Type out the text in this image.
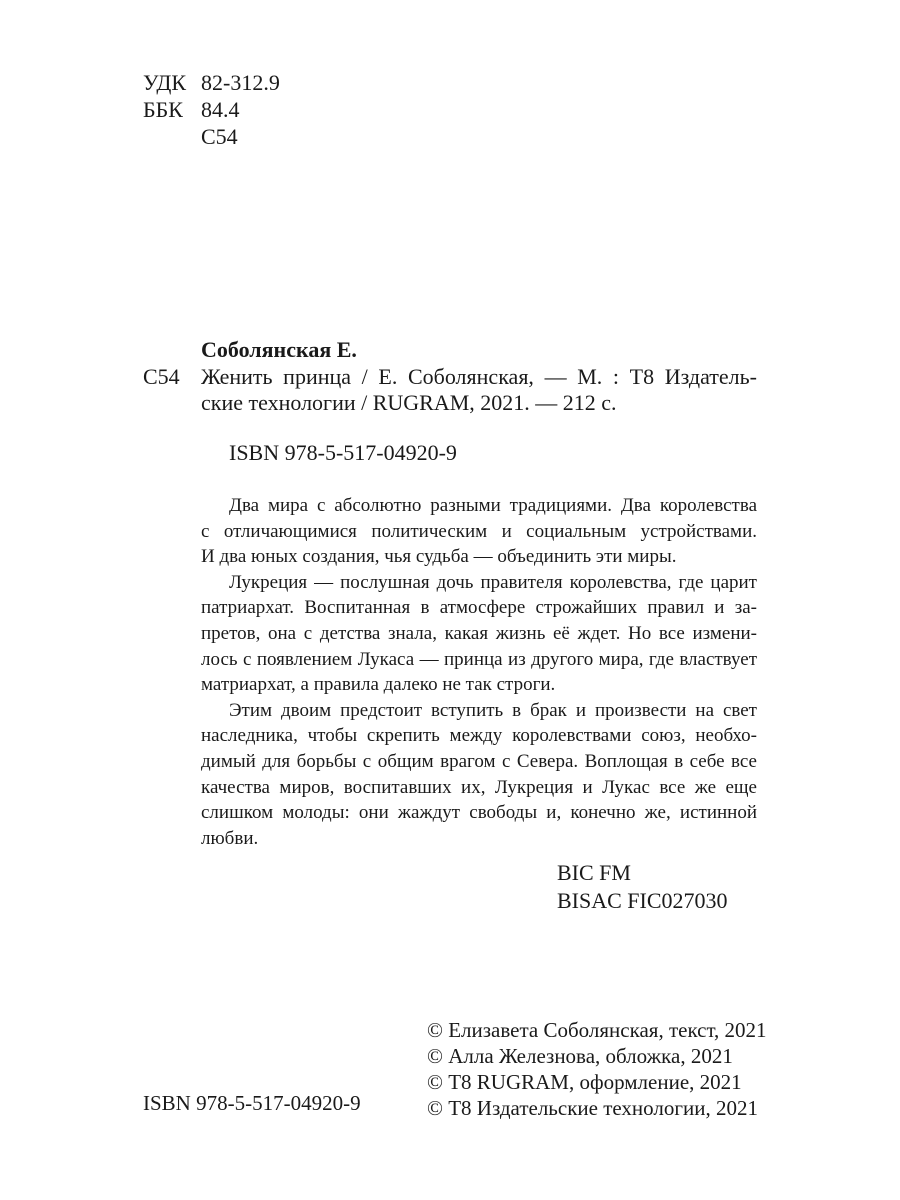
УДК 82-312.9
ББК 84.4
С54
Соболянская Е.
С54 Женить принца / Е. Соболянская, — М. : Т8 Издатель-
ские технологии / RUGRAM, 2021. — 212 с.
ISBN 978-5-517-04920-9
Два мира с абсолютно разными традициями. Два королевства
с отличающимися политическим и социальным устройствами.
И два юных создания, чья судьба — объединить эти миры.
Лукреция — послушная дочь правителя королевства, где царит
патриархат. Воспитанная в атмосфере строжайших правил и за-
претов, она с детства знала, какая жизнь её ждет. Но все измени-
лось с появлением Лукаса — принца из другого мира, где властвует
матриархат, а правила далеко не так строги.
Этим двоим предстоит вступить в брак и произвести на свет
наследника, чтобы скрепить между королевствами союз, необхо-
димый для борьбы с общим врагом с Севера. Воплощая в себе все
качества миров, воспитавших их, Лукреция и Лукас все же еще
слишком молоды: они жаждут свободы и, конечно же, истинной
любви.
BIC FM
BISAC FIC027030
© Елизавета Соболянская, текст, 2021
© Алла Железнова, обложка, 2021
© Т8 RUGRAM, оформление, 2021
© Т8 Издательские технологии, 2021
ISBN 978-5-517-04920-9
